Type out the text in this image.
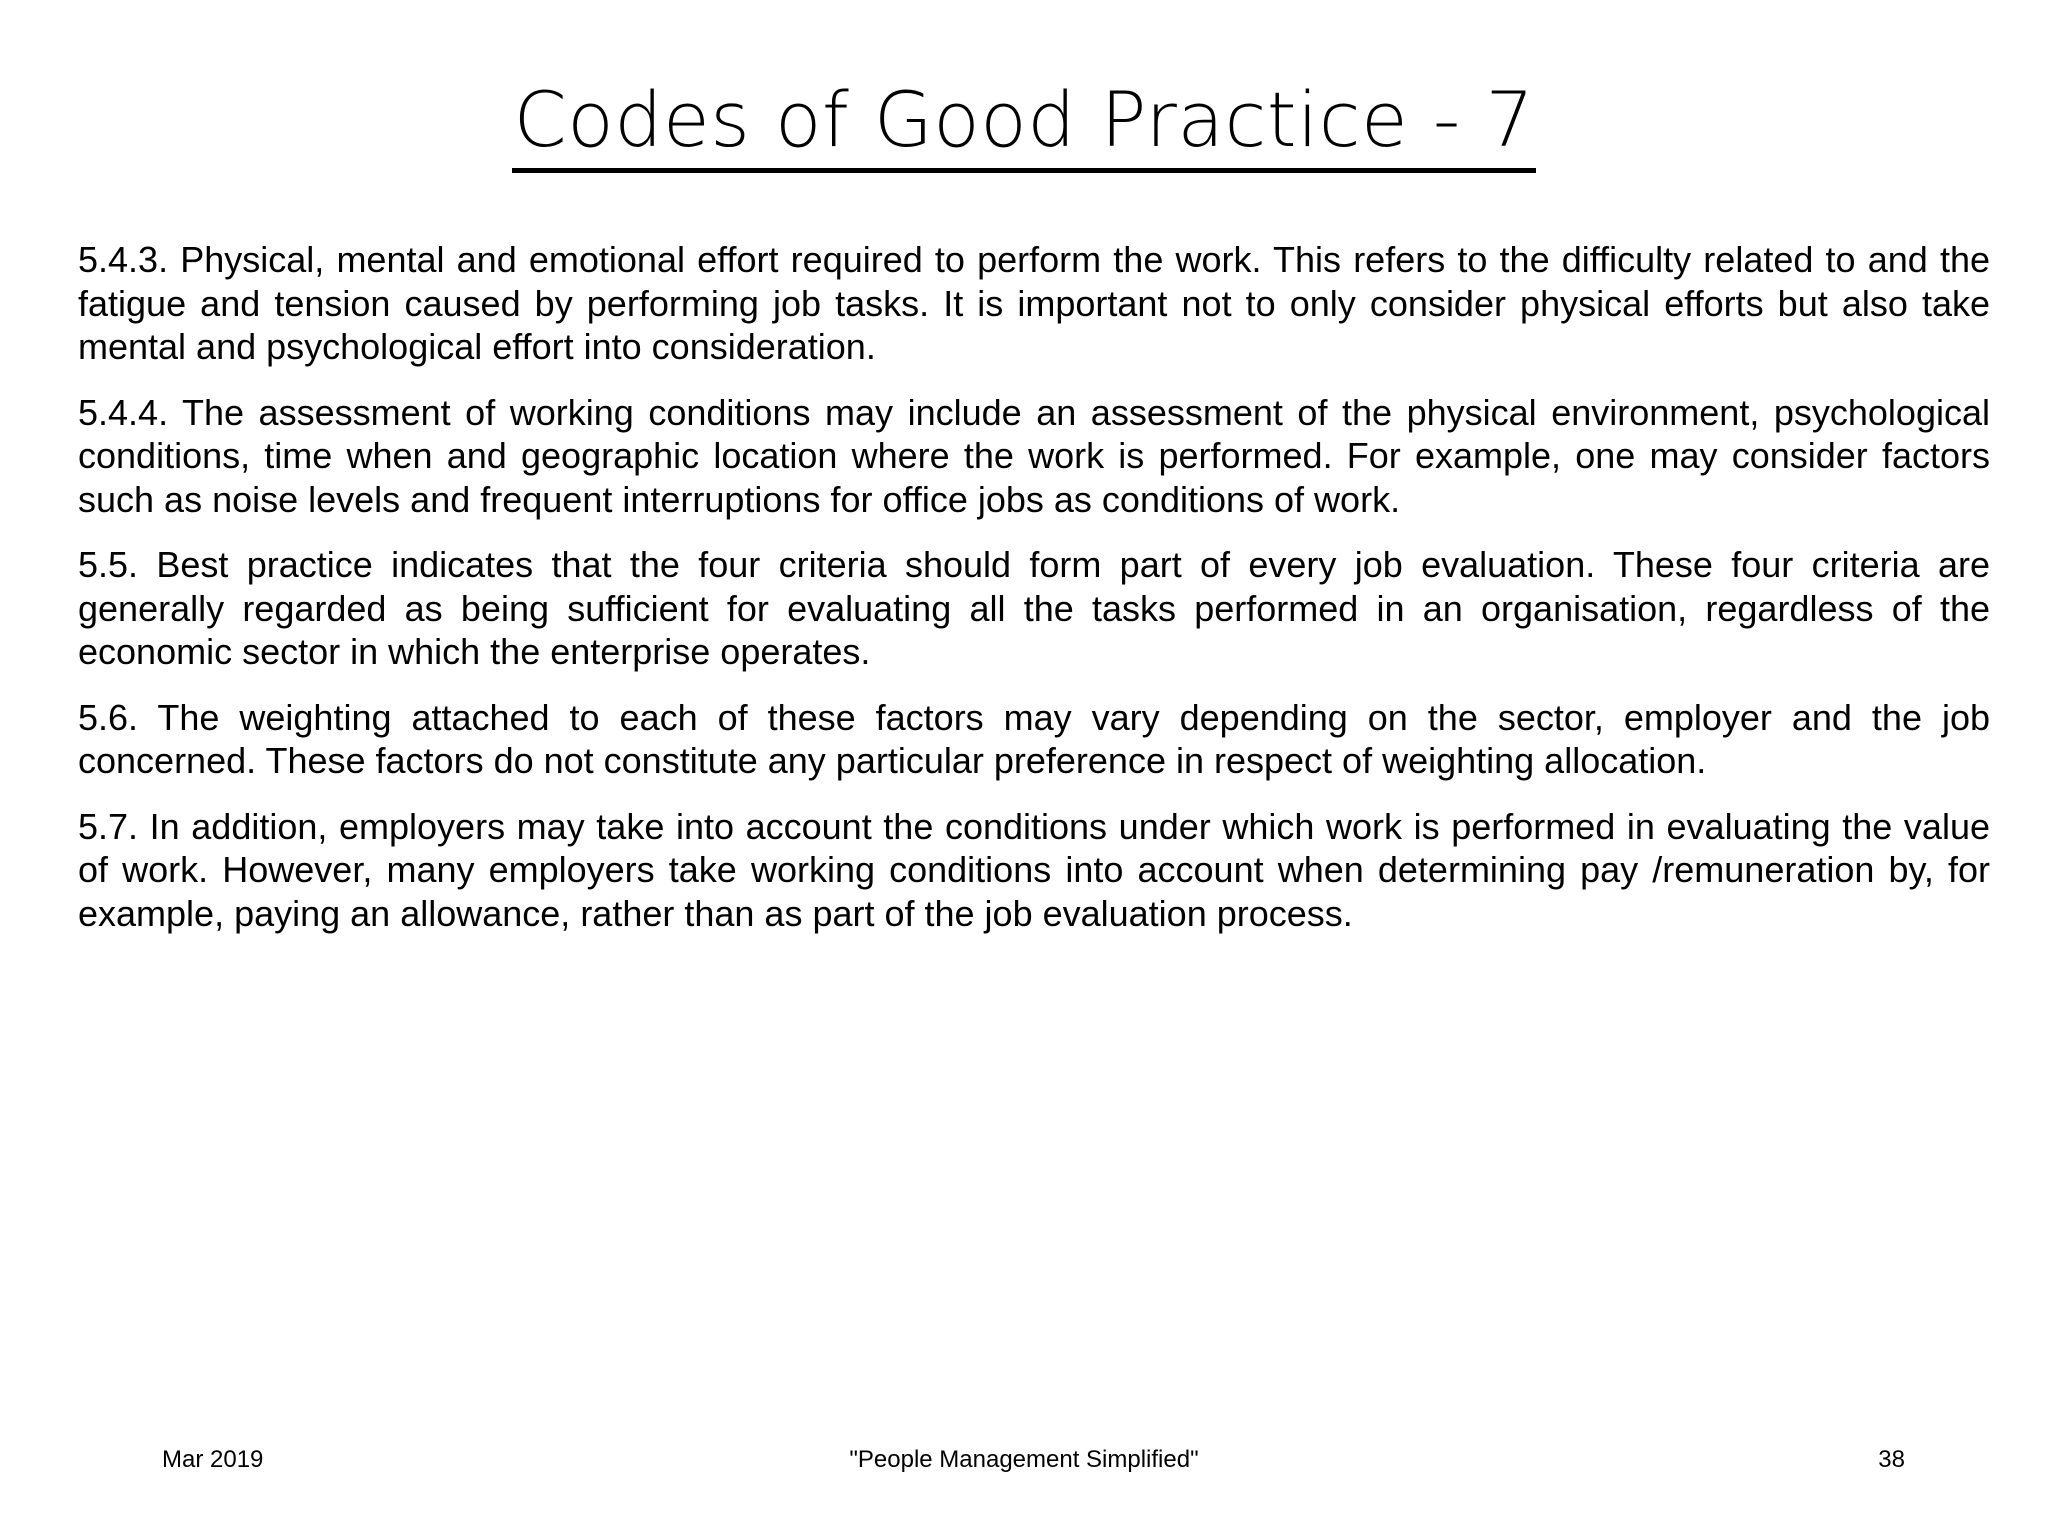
Codes of Good Practice - 7

5.4.3. Physical, mental and emotional effort required to perform the work. This refers to the difficulty related to and the fatigue and tension caused by performing job tasks. It is important not to only consider physical efforts but also take mental and psychological effort into consideration.

5.4.4. The assessment of working conditions may include an assessment of the physical environment, psychological conditions, time when and geographic location where the work is performed. For example, one may consider factors such as noise levels and frequent interruptions for office jobs as conditions of work.

5.5. Best practice indicates that the four criteria should form part of every job evaluation. These four criteria are generally regarded as being sufficient for evaluating all the tasks performed in an organisation, regardless of the economic sector in which the enterprise operates.

5.6. The weighting attached to each of these factors may vary depending on the sector, employer and the job concerned. These factors do not constitute any particular preference in respect of weighting allocation.

5.7. In addition, employers may take into account the conditions under which work is performed in evaluating the value of work. However, many employers take working conditions into account when determining pay /remuneration by, for example, paying an allowance, rather than as part of the job evaluation process.

Mar 2019	"People Management Simplified"	38
